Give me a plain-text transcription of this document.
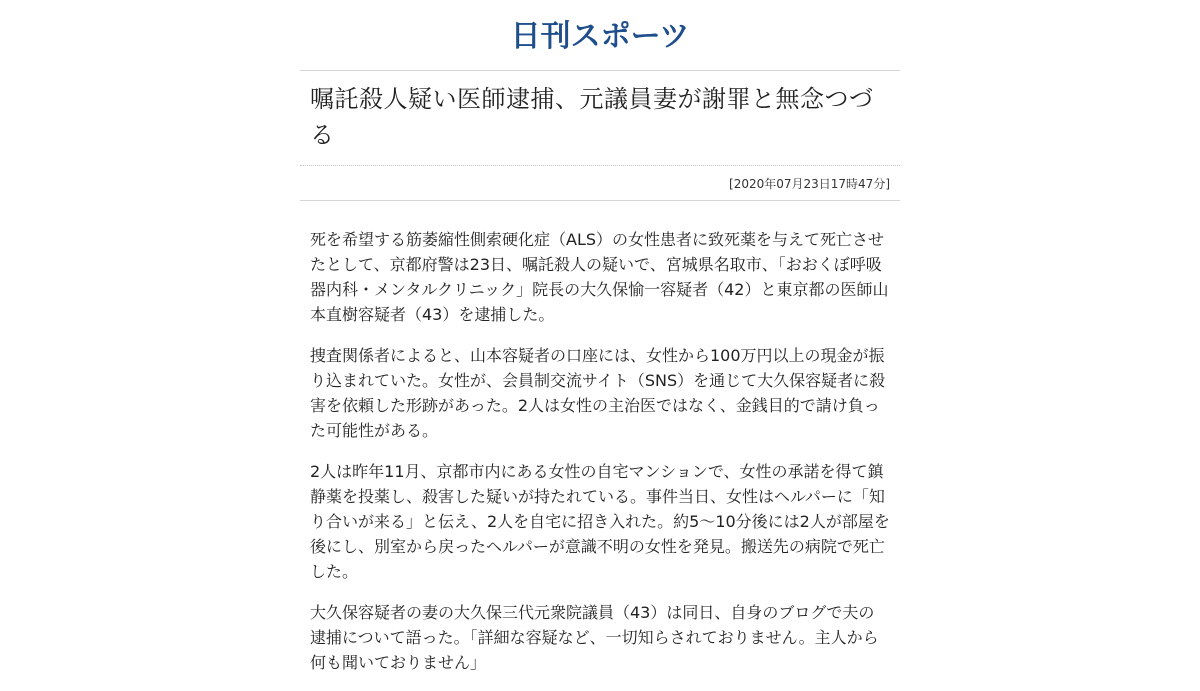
日刊スポーツ
嘱託殺人疑い医師逮捕、元議員妻が謝罪と無念つづる
[2020年07月23日17時47分]

死を希望する筋萎縮性側索硬化症（ALS）の女性患者に致死薬を与えて死亡させたとして、京都府警は23日、嘱託殺人の疑いで、宮城県名取市、「おおくぼ呼吸器内科・メンタルクリニック」院長の大久保愉一容疑者（42）と東京都の医師山本直樹容疑者（43）を逮捕した。

捜査関係者によると、山本容疑者の口座には、女性から100万円以上の現金が振り込まれていた。女性が、会員制交流サイト（SNS）を通じて大久保容疑者に殺害を依頼した形跡があった。2人は女性の主治医ではなく、金銭目的で請け負った可能性がある。

2人は昨年11月、京都市内にある女性の自宅マンションで、女性の承諾を得て鎮静薬を投薬し、殺害した疑いが持たれている。事件当日、女性はヘルパーに「知り合いが来る」と伝え、2人を自宅に招き入れた。約5～10分後には2人が部屋を後にし、別室から戻ったヘルパーが意識不明の女性を発見。搬送先の病院で死亡した。

大久保容疑者の妻の大久保三代元衆院議員（43）は同日、自身のブログで夫の逮捕について語った。「詳細な容疑など、一切知らされておりません。主人から何も聞いておりません」
